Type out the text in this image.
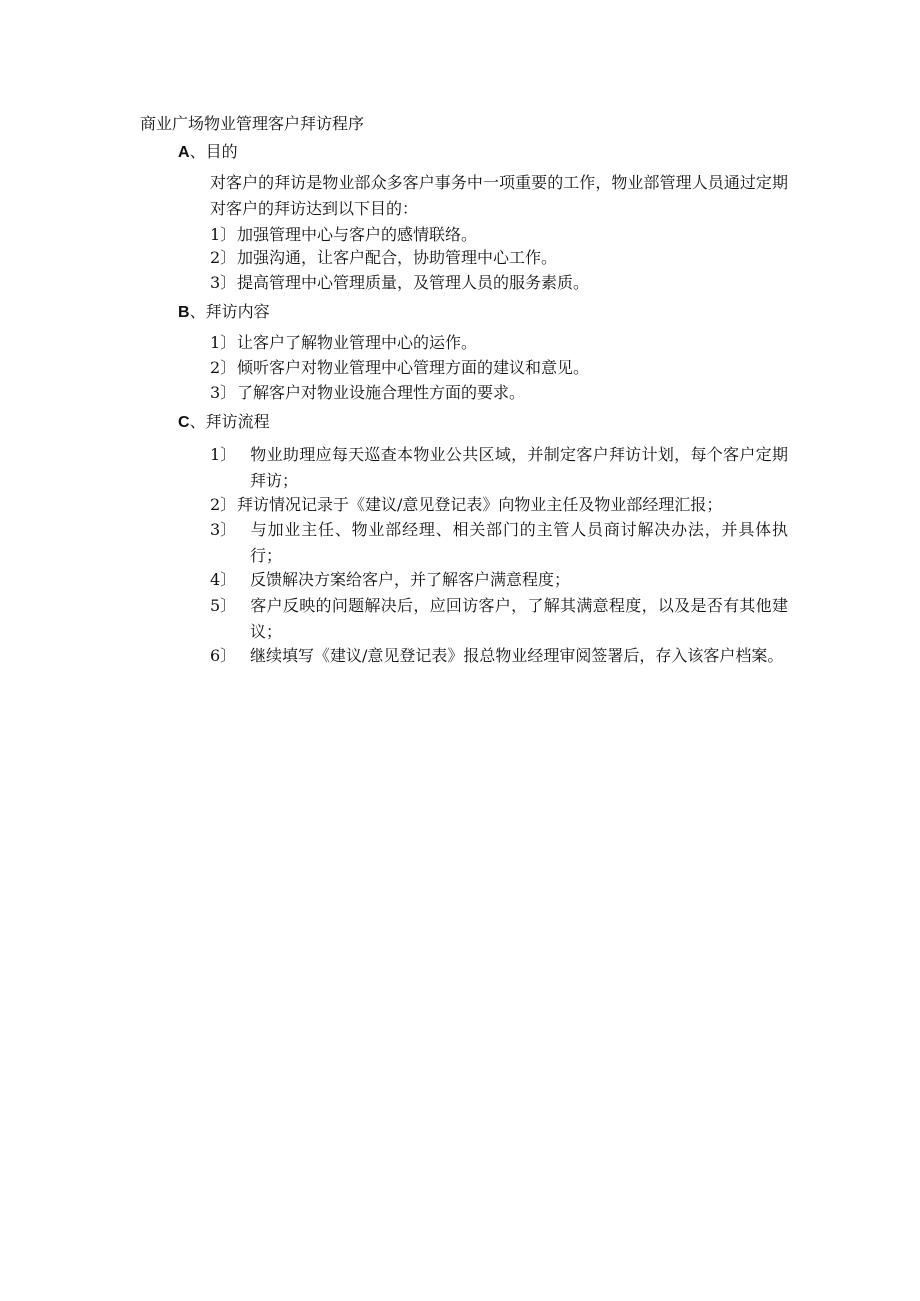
商业广场物业管理客户拜访程序
A、目的
对客户的拜访是物业部众多客户事务中一项重要的工作，物业部管理人员通过定期对客户的拜访达到以下目的：
1〕加强管理中心与客户的感情联络。
2〕加强沟通，让客户配合，协助管理中心工作。
3〕提高管理中心管理质量，及管理人员的服务素质。
B、拜访内容
1〕让客户了解物业管理中心的运作。
2〕倾听客户对物业管理中心管理方面的建议和意见。
3〕了解客户对物业设施合理性方面的要求。
C、拜访流程
1〕 物业助理应每天巡查本物业公共区域，并制定客户拜访计划，每个客户定期拜访；
2〕拜访情况记录于《建议/意见登记表》向物业主任及物业部经理汇报；
3〕 与加业主任、物业部经理、相关部门的主管人员商讨解决办法，并具体执行；
4〕 反馈解决方案给客户，并了解客户满意程度；
5〕 客户反映的问题解决后，应回访客户，了解其满意程度，以及是否有其他建议；
6〕 继续填写《建议/意见登记表》报总物业经理审阅签署后，存入该客户档案。
